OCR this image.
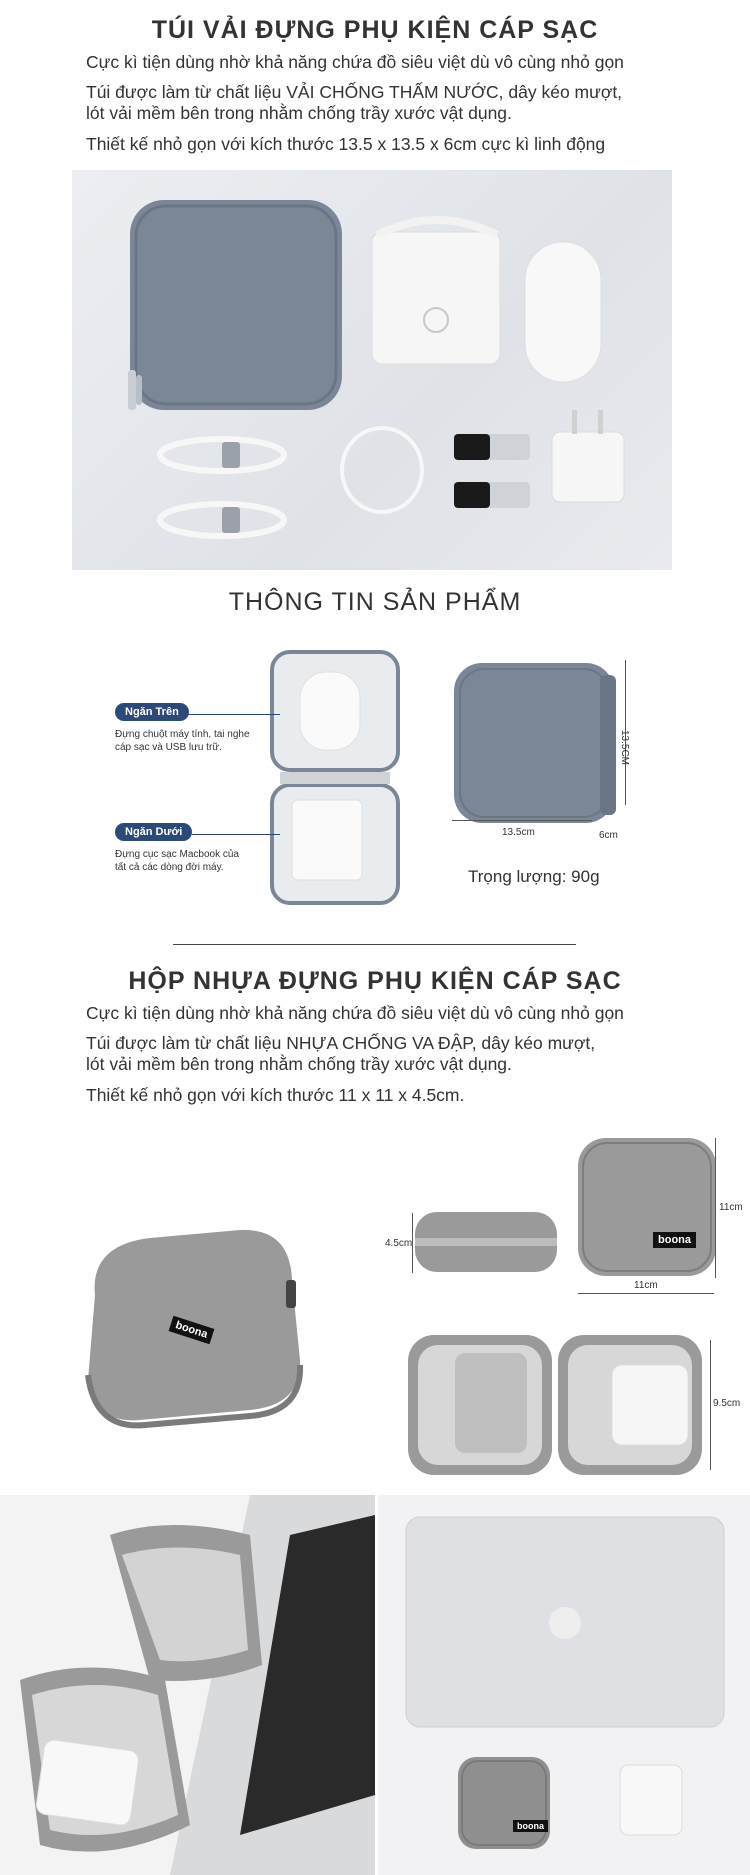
TÚI VẢI ĐỰNG PHỤ KIỆN CÁP SẠC
Cực kì tiện dùng nhờ khả năng chứa đồ siêu việt dù vô cùng nhỏ gọn
Túi được làm từ chất liệu VẢI CHỐNG THẤM NƯỚC, dây kéo mượt,
lót vải mềm bên trong nhằm chống trầy xước vật dụng.
Thiết kế nhỏ gọn với kích thước 13.5 x 13.5 x 6cm cực kì linh động
THÔNG TIN SẢN PHẨM
Ngăn Trên
Đựng chuột máy tính, tai nghe
cáp sạc và USB lưu trữ.
Ngăn Dưới
Đựng cục sạc Macbook của
tất cả các dòng đời máy.
13.5CM
13.5cm	6cm
Trọng lượng: 90g
HỘP NHỰA ĐỰNG PHỤ KIỆN CÁP SẠC
Cực kì tiện dùng nhờ khả năng chứa đồ siêu việt dù vô cùng nhỏ gọn
Túi được làm từ chất liệu NHỰA CHỐNG VA ĐẬP, dây kéo mượt,
lót vải mềm bên trong nhằm chống trầy xước vật dụng.
Thiết kế nhỏ gọn với kích thước 11 x 11 x 4.5cm.
boona
4.5cm
11cm
11cm
boona
9.5cm
boona
